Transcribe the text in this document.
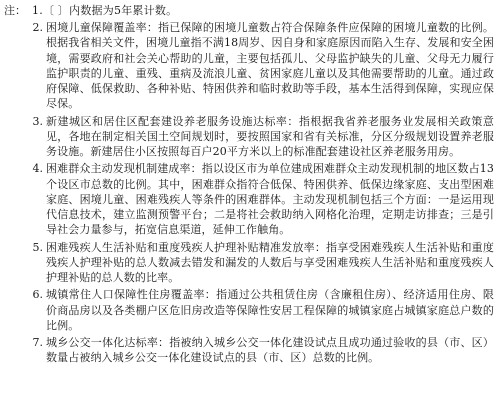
注： 1.〔 〕内数据为5年累计数。
2. 困境儿童保障覆盖率：指已保障的困境儿童数占符合保障条件应保障的困境儿童数的比例。根据我省相关文件，困境儿童指不满18周岁、因自身和家庭原因而陷入生存、发展和安全困境，需要政府和社会关心帮助的儿童，主要包括孤儿、父母监护缺失的儿童、父母无力履行监护职责的儿童、重残、重病及流浪儿童、贫困家庭儿童以及其他需要帮助的儿童。通过政府保障、低保救助、各种补贴、特困供养和临时救助等手段，基本生活得到保障，实现应保尽保。
3. 新建城区和居住区配套建设养老服务设施达标率：指根据我省养老服务业发展相关政策意见，各地在制定相关国土空间规划时，要按照国家和省有关标准，分区分级规划设置养老服务设施。新建居住小区按照每百户20平方米以上的标准配套建设社区养老服务用房。
4. 困难群众主动发现机制建成率：指以设区市为单位建成困难群众主动发现机制的地区数占13个设区市总数的比例。其中，困难群众指符合低保、特困供养、低保边缘家庭、支出型困难家庭、困境儿童、困难残疾人等条件的困难群体。主动发现机制包括三个方面：一是运用现代信息技术，建立监测预警平台；二是将社会救助纳入网格化治理，定期走访排查；三是引导社会力量参与，拓宽信息渠道，延伸工作触角。
5. 困难残疾人生活补贴和重度残疾人护理补贴精准发放率：指享受困难残疾人生活补贴和重度残疾人护理补贴的总人数减去错发和漏发的人数后与享受困难残疾人生活补贴和重度残疾人护理补贴的总人数的比率。
6. 城镇常住人口保障性住房覆盖率：指通过公共租赁住房（含廉租住房）、经济适用住房、限价商品房以及各类棚户区危旧房改造等保障性安居工程保障的城镇家庭占城镇家庭总户数的比例。
7. 城乡公交一体化达标率：指被纳入城乡公交一体化建设试点且成功通过验收的县（市、区）数量占被纳入城乡公交一体化建设试点的县（市、区）总数的比例。
